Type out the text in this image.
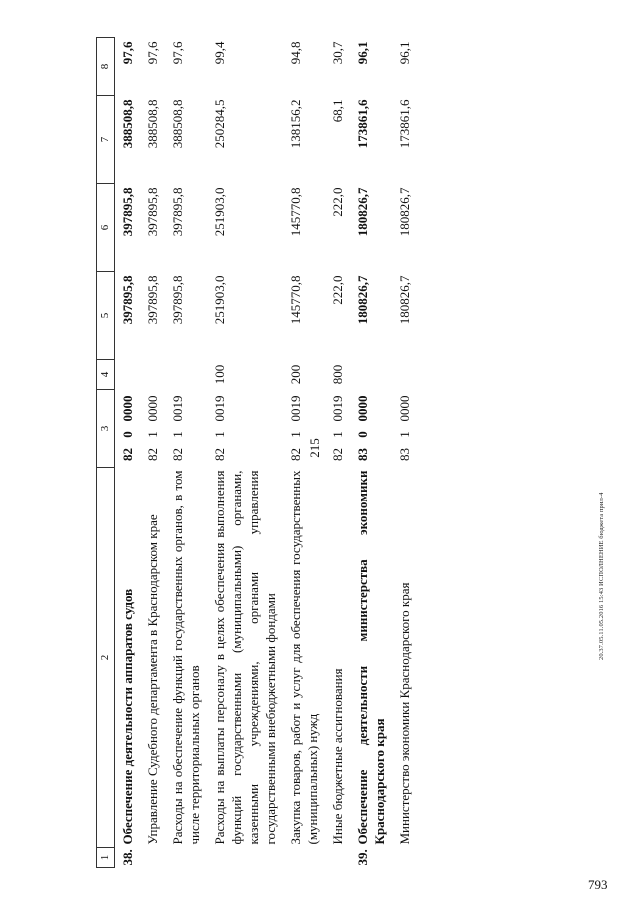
215
793
20.37.05.11.05.2016 15:43 ИСПОЛНЕНИЕ бюджета прил-4
1	2	3			4	5	6	7	8
38.	Обеспечение деятельности аппаратов судов	82	0	0000		397895,8	397895,8	388508,8	97,6
	Управление Судебного департамента в Краснодарском крае	82	1	0000		397895,8	397895,8	388508,8	97,6
	Расходы на обеспечение функций государственных органов, в том числе территориальных органов	82	1	0019		397895,8	397895,8	388508,8	97,6
	Расходы на выплаты персоналу в целях обеспечения выполнения функций государственными (муниципальными) органами, казенными учреждениями, органами управления государственными внебюджетными фондами	82	1	0019	100	251903,0	251903,0	250284,5	99,4
	Закупка товаров, работ и услуг для обеспечения государственных (муниципальных) нужд	82	1	0019	200	145770,8	145770,8	138156,2	94,8
	Иные бюджетные ассигнования	82	1	0019	800	222,0	222,0	68,1	30,7
39.	Обеспечение деятельности министерства экономики Краснодарского края	83	0	0000		180826,7	180826,7	173861,6	96,1
	Министерство экономики Краснодарского края	83	1	0000		180826,7	180826,7	173861,6	96,1
